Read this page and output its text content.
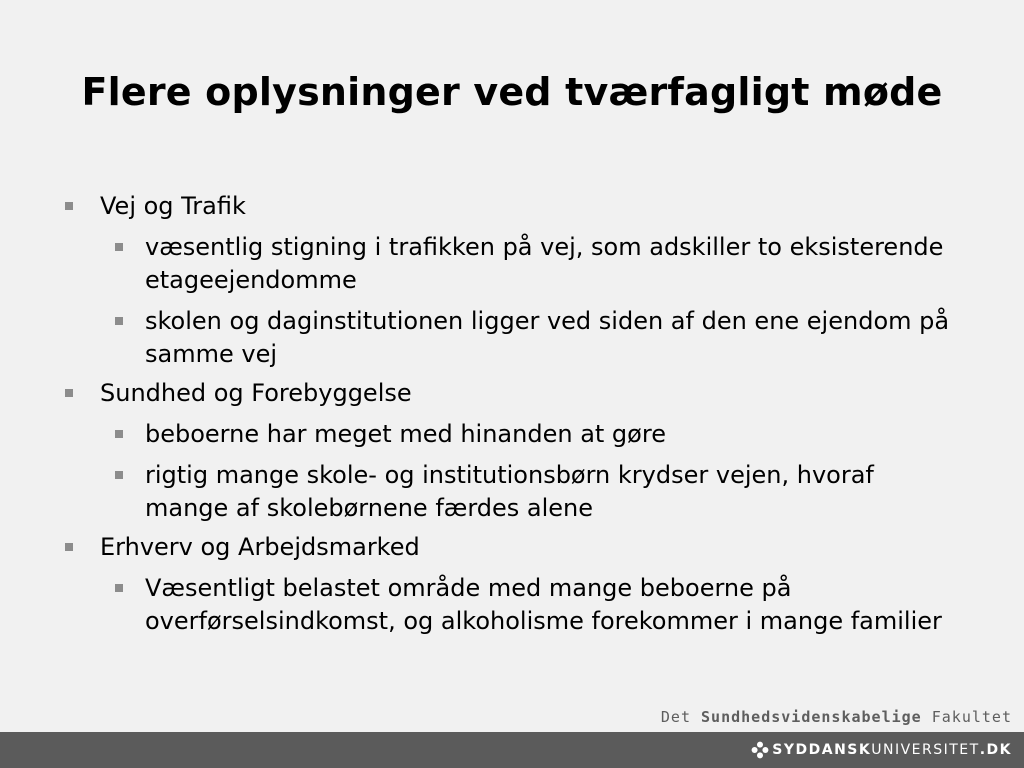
Flere oplysninger ved tværfagligt møde
Vej og Trafik
væsentlig stigning i trafikken på vej, som adskiller to eksisterende etageejendomme
skolen og daginstitutionen ligger ved siden af den ene ejendom på samme vej
Sundhed og Forebyggelse
beboerne har meget med hinanden at gøre
rigtig mange skole- og institutionsbørn krydser vejen, hvoraf mange af skolebørnene færdes alene
Erhverv og Arbejdsmarked
Væsentligt belastet område med mange beboerne på overførselsindkomst, og alkoholisme forekommer i mange familier
Det Sundhedsvidenskabelige Fakultet
SYDDANSK UNIVERSITET .DK
